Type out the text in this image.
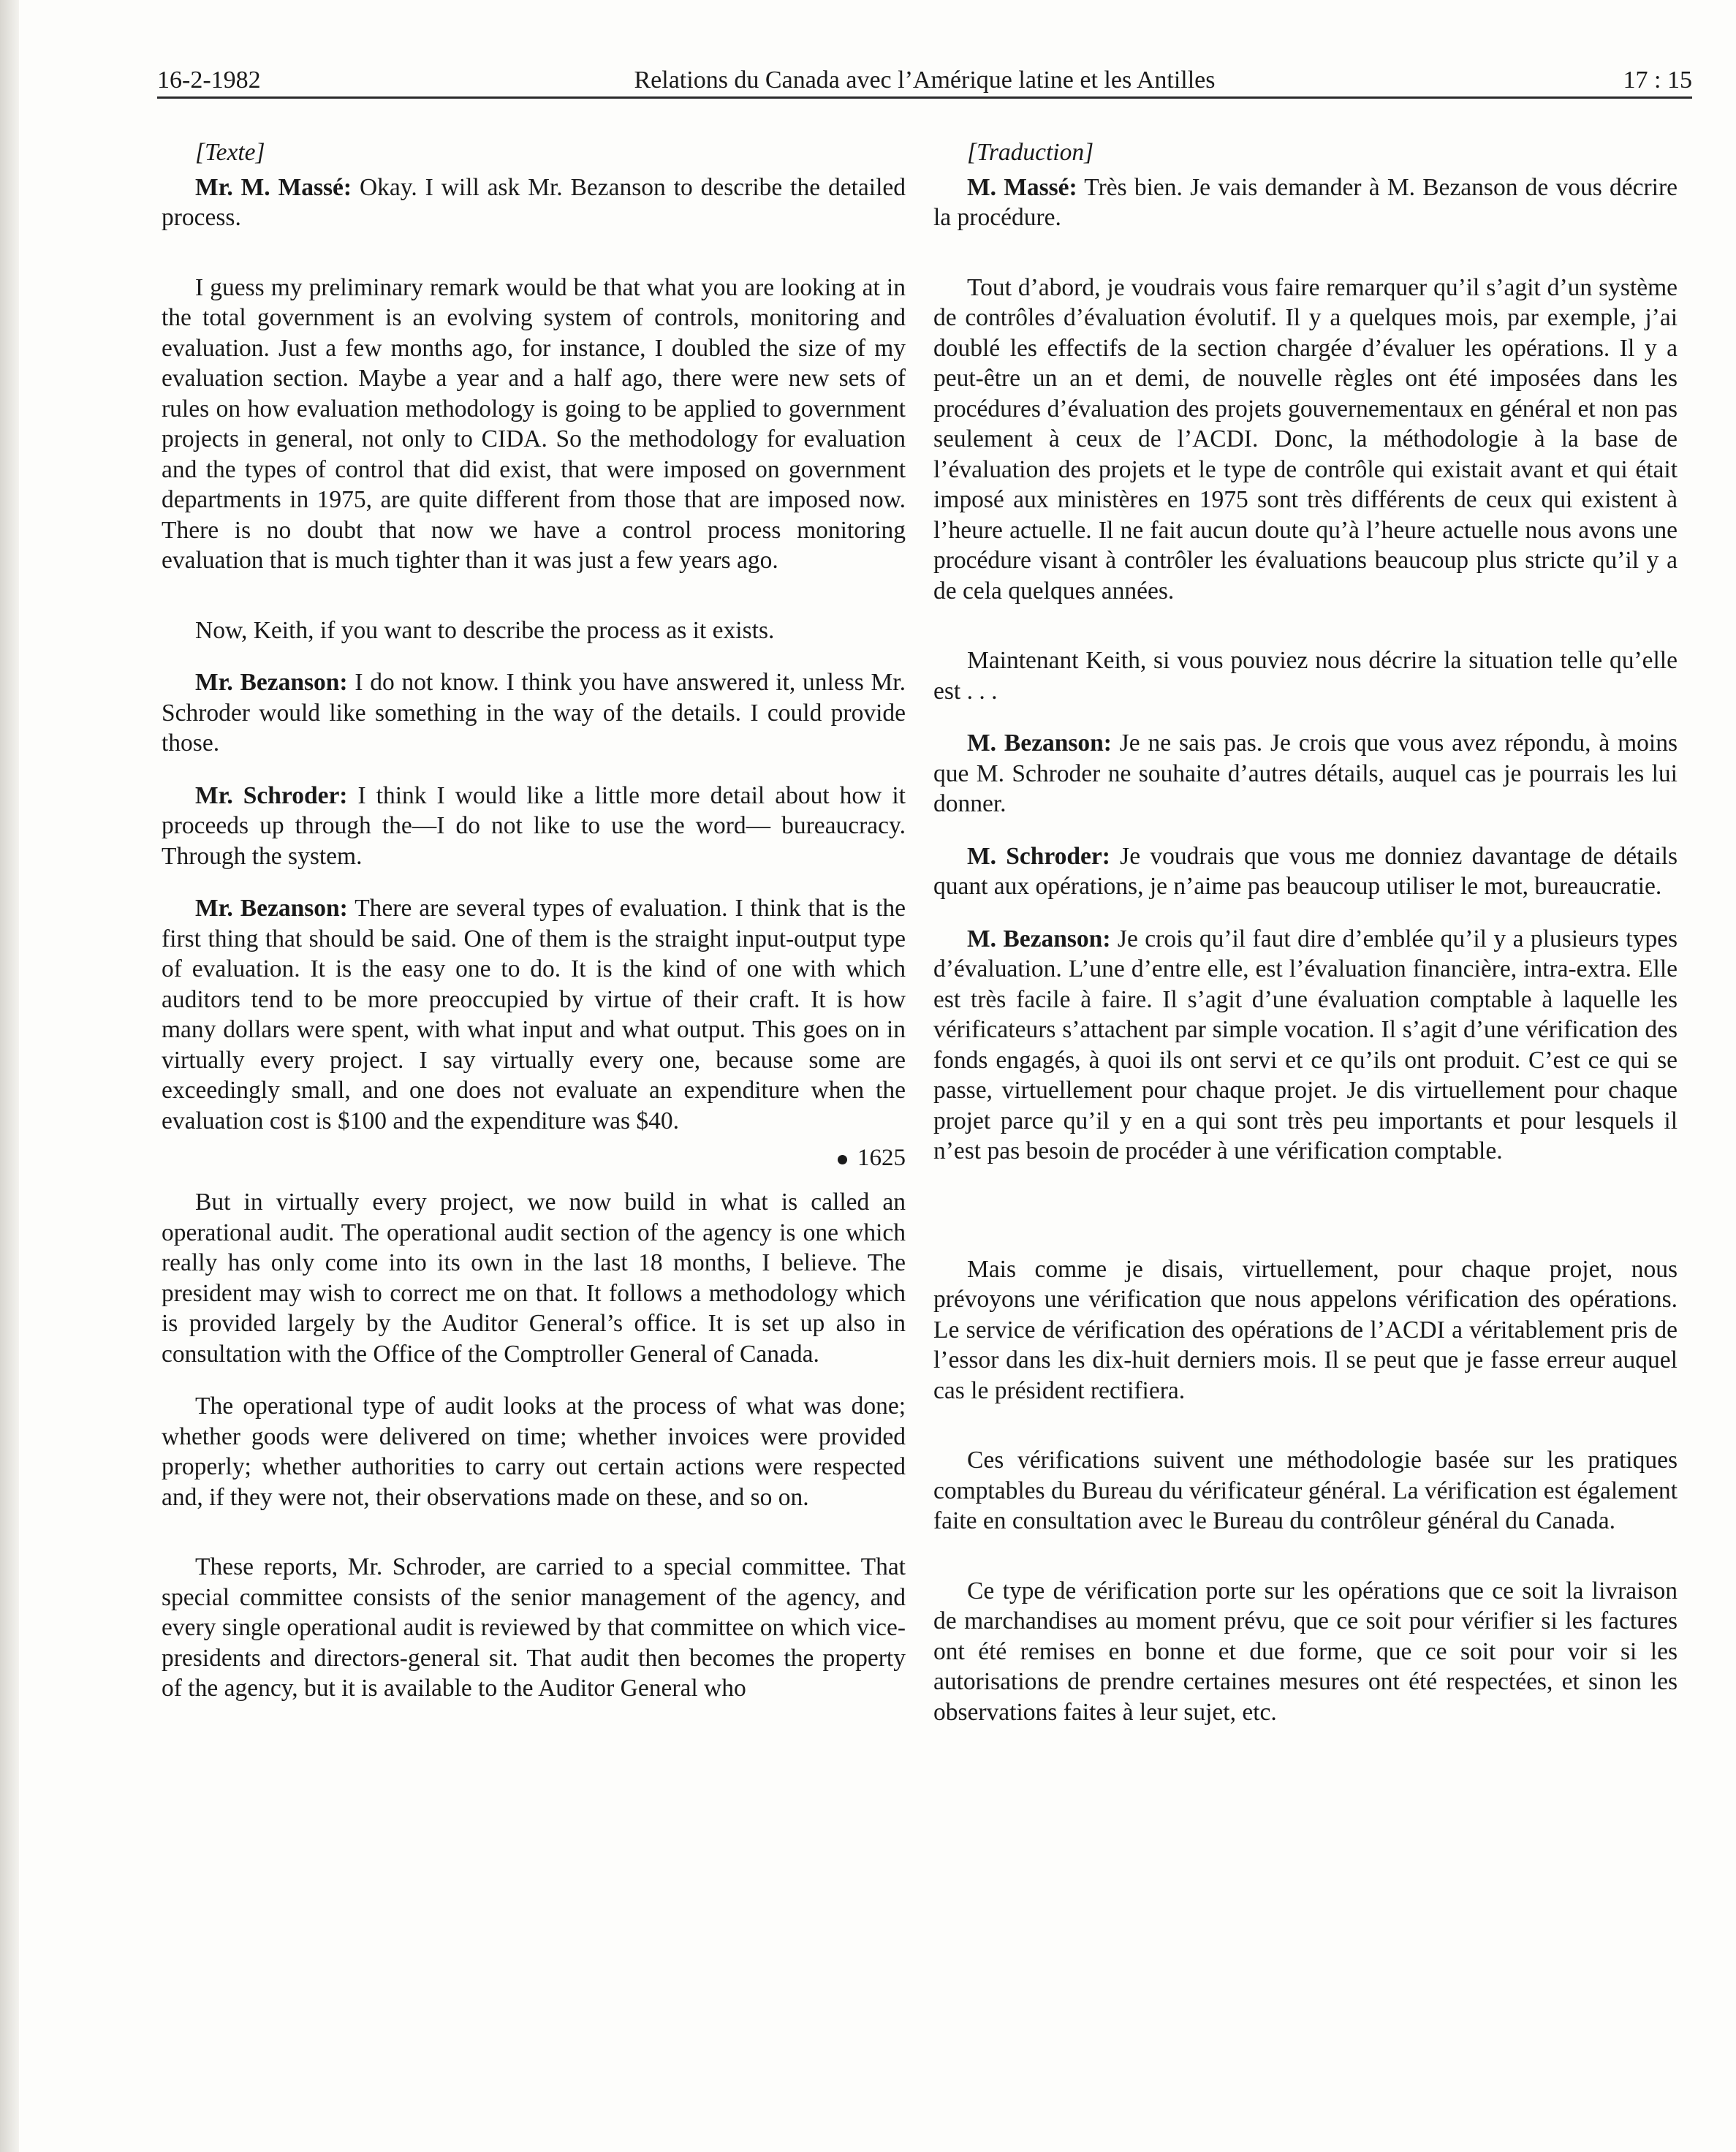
16-2-1982	Relations du Canada avec l’Amérique latine et les Antilles	17 : 15

[Texte]

Mr. M. Massé: Okay. I will ask Mr. Bezanson to describe the detailed process.

I guess my preliminary remark would be that what you are looking at in the total government is an evolving system of controls, monitoring and evaluation. Just a few months ago, for instance, I doubled the size of my evaluation section. Maybe a year and a half ago, there were new sets of rules on how evaluation methodology is going to be applied to government projects in general, not only to CIDA. So the methodology for evaluation and the types of control that did exist, that were imposed on government departments in 1975, are quite different from those that are imposed now. There is no doubt that now we have a control process monitoring evaluation that is much tighter than it was just a few years ago.

Now, Keith, if you want to describe the process as it exists.

Mr. Bezanson: I do not know. I think you have answered it, unless Mr. Schroder would like something in the way of the details. I could provide those.

Mr. Schroder: I think I would like a little more detail about how it proceeds up through the—I do not like to use the word— bureaucracy. Through the system.

Mr. Bezanson: There are several types of evaluation. I think that is the first thing that should be said. One of them is the straight input-output type of evaluation. It is the easy one to do. It is the kind of one with which auditors tend to be more preoccupied by virtue of their craft. It is how many dollars were spent, with what input and what output. This goes on in virtually every project. I say virtually every one, because some are exceedingly small, and one does not evaluate an expenditure when the evaluation cost is $100 and the expenditure was $40.

1625

But in virtually every project, we now build in what is called an operational audit. The operational audit section of the agency is one which really has only come into its own in the last 18 months, I believe. The president may wish to correct me on that. It follows a methodology which is provided largely by the Auditor General’s office. It is set up also in consultation with the Office of the Comptroller General of Canada.

The operational type of audit looks at the process of what was done; whether goods were delivered on time; whether invoices were provided properly; whether authorities to carry out certain actions were respected and, if they were not, their observations made on these, and so on.

These reports, Mr. Schroder, are carried to a special committee. That special committee consists of the senior management of the agency, and every single operational audit is reviewed by that committee on which vice-presidents and directors-general sit. That audit then becomes the property of the agency, but it is available to the Auditor General who

[Traduction]

M. Massé: Très bien. Je vais demander à M. Bezanson de vous décrire la procédure.

Tout d’abord, je voudrais vous faire remarquer qu’il s’agit d’un système de contrôles d’évaluation évolutif. Il y a quelques mois, par exemple, j’ai doublé les effectifs de la section chargée d’évaluer les opérations. Il y a peut-être un an et demi, de nouvelle règles ont été imposées dans les procédures d’évaluation des projets gouvernementaux en général et non pas seulement à ceux de l’ACDI. Donc, la méthodologie à la base de l’évaluation des projets et le type de contrôle qui existait avant et qui était imposé aux ministères en 1975 sont très différents de ceux qui existent à l’heure actuelle. Il ne fait aucun doute qu’à l’heure actuelle nous avons une procédure visant à contrôler les évaluations beaucoup plus stricte qu’il y a de cela quelques années.

Maintenant Keith, si vous pouviez nous décrire la situation telle qu’elle est . . .

M. Bezanson: Je ne sais pas. Je crois que vous avez répondu, à moins que M. Schroder ne souhaite d’autres détails, auquel cas je pourrais les lui donner.

M. Schroder: Je voudrais que vous me donniez davantage de détails quant aux opérations, je n’aime pas beaucoup utiliser le mot, bureaucratie.

M. Bezanson: Je crois qu’il faut dire d’emblée qu’il y a plusieurs types d’évaluation. L’une d’entre elle, est l’évaluation financière, intra-extra. Elle est très facile à faire. Il s’agit d’une évaluation comptable à laquelle les vérificateurs s’attachent par simple vocation. Il s’agit d’une vérification des fonds engagés, à quoi ils ont servi et ce qu’ils ont produit. C’est ce qui se passe, virtuellement pour chaque projet. Je dis virtuellement pour chaque projet parce qu’il y en a qui sont très peu importants et pour lesquels il n’est pas besoin de procéder à une vérification comptable.

Mais comme je disais, virtuellement, pour chaque projet, nous prévoyons une vérification que nous appelons vérification des opérations. Le service de vérification des opérations de l’ACDI a véritablement pris de l’essor dans les dix-huit derniers mois. Il se peut que je fasse erreur auquel cas le président rectifiera.

Ces vérifications suivent une méthodologie basée sur les pratiques comptables du Bureau du vérificateur général. La vérification est également faite en consultation avec le Bureau du contrôleur général du Canada.

Ce type de vérification porte sur les opérations que ce soit la livraison de marchandises au moment prévu, que ce soit pour vérifier si les factures ont été remises en bonne et due forme, que ce soit pour voir si les autorisations de prendre certaines mesures ont été respectées, et sinon les observations faites à leur sujet, etc.
